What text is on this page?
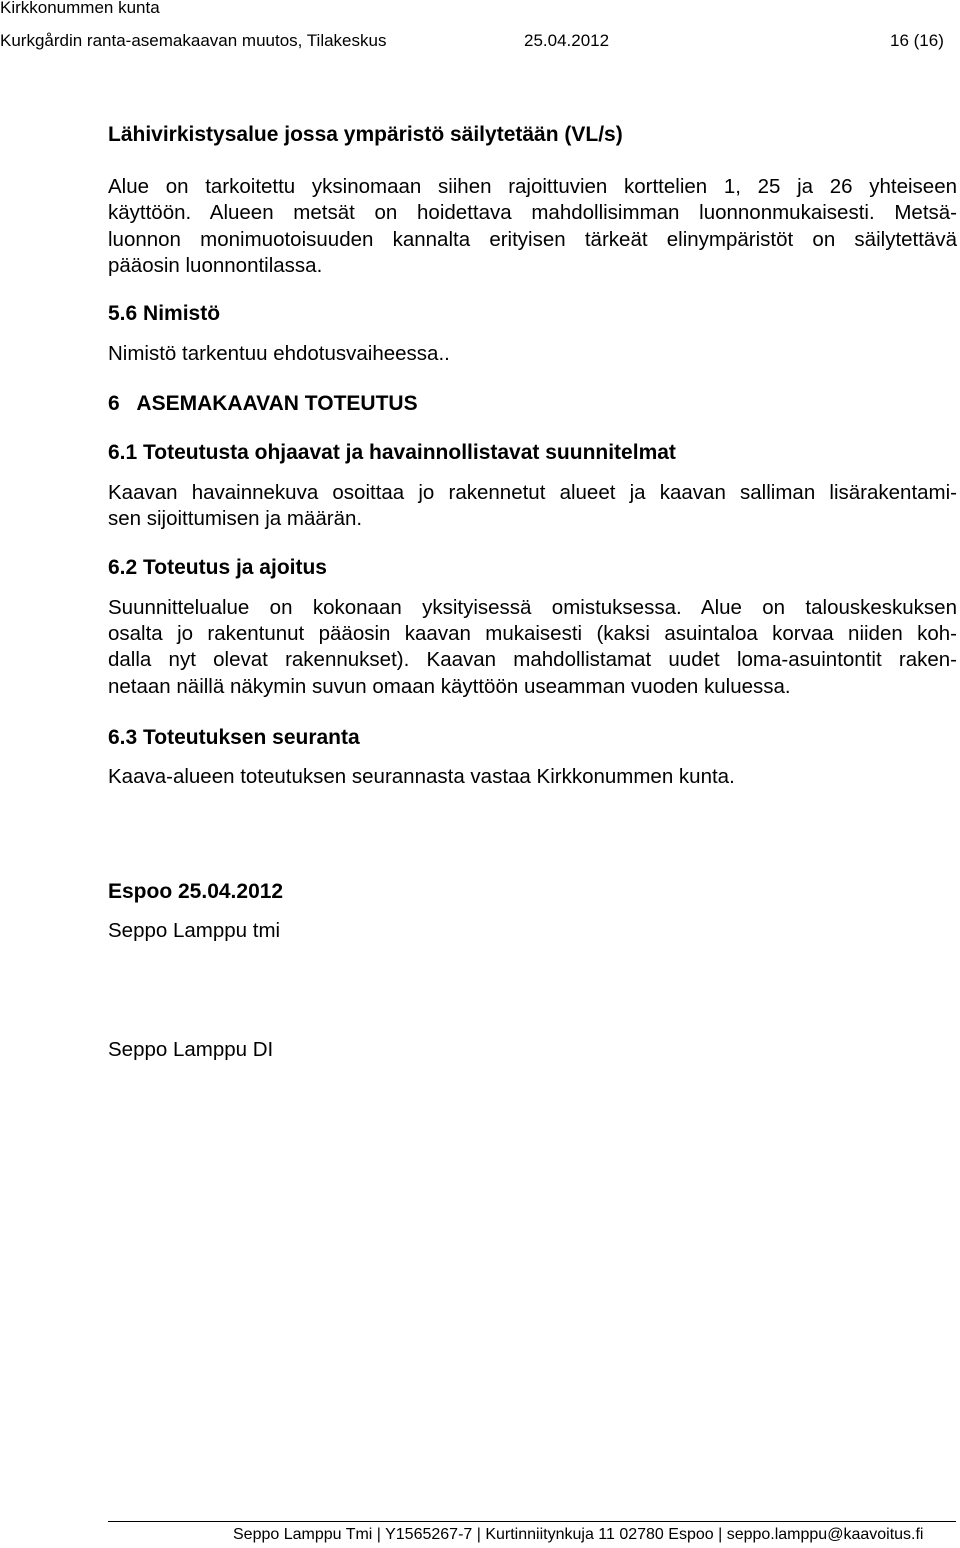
Kirkkonummen kunta
Kurkgårdin ranta-asemakaavan muutos, Tilakeskus	25.04.2012	16 (16)
Lähivirkistysalue jossa ympäristö säilytetään (VL/s)
Alue on tarkoitettu yksinomaan siihen rajoittuvien korttelien 1, 25 ja 26 yhteiseen
käyttöön. Alueen metsät on hoidettava mahdollisimman luonnonmukaisesti. Metsä-
luonnon monimuotoisuuden kannalta erityisen tärkeät elinympäristöt on säilytettävä
pääosin luonnontilassa.
5.6 Nimistö
Nimistö tarkentuu ehdotusvaiheessa..
6   ASEMAKAAVAN TOTEUTUS
6.1 Toteutusta ohjaavat ja havainnollistavat suunnitelmat
Kaavan havainnekuva osoittaa jo rakennetut alueet ja kaavan salliman lisärakentami-
sen sijoittumisen ja määrän.
6.2 Toteutus ja ajoitus
Suunnittelualue on kokonaan yksityisessä omistuksessa. Alue on talouskeskuksen
osalta jo rakentunut pääosin kaavan mukaisesti (kaksi asuintaloa korvaa niiden koh-
dalla nyt olevat rakennukset). Kaavan mahdollistamat uudet loma-asuintontit raken-
netaan näillä näkymin suvun omaan käyttöön useamman vuoden kuluessa.
6.3 Toteutuksen seuranta
Kaava-alueen toteutuksen seurannasta vastaa Kirkkonummen kunta.
Espoo 25.04.2012
Seppo Lamppu tmi
Seppo Lamppu DI
Seppo Lamppu Tmi | Y1565267-7 | Kurtinniitynkuja 11 02780 Espoo | seppo.lamppu@kaavoitus.fi
